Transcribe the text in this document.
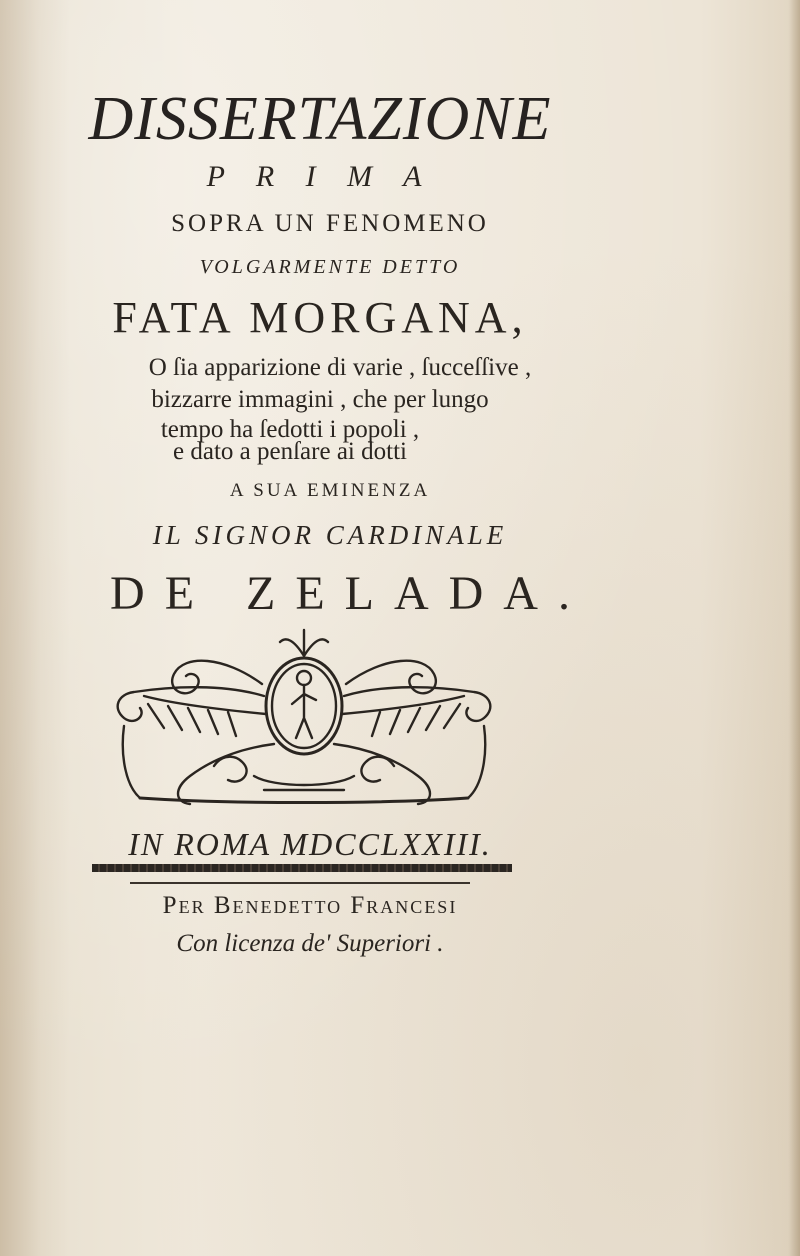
DISSERTAZIONE
P R I M A
SOPRA UN FENOMENO
VOLGARMENTE DETTO
FATA MORGANA,
O ſia apparizione di varie , ſucceſſive ,
bizzarre immagini , che per lungo
tempo ha ſedotti i popoli ,
e dato a penſare ai dotti
A SUA EMINENZA
IL SIGNOR CARDINALE
DE ZELADA.
IN ROMA MDCCLXXIII.
Per Benedetto Francesi
Con licenza de' Superiori .
